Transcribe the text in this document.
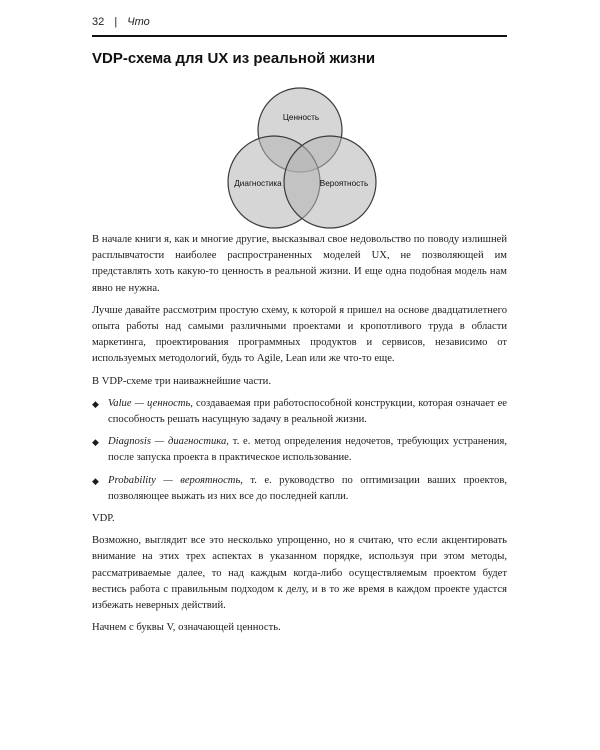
32 | Что
VDP-схема для UX из реальной жизни
Ценность
Диагностика	Вероятность

В начале книги я, как и многие другие, высказывал свое недовольство по поводу излишней расплывчатости наиболее распространенных моделей UX, не позволяющей им представлять хоть какую-то ценность в реальной жизни. И еще одна подобная модель нам явно не нужна.

Лучше давайте рассмотрим простую схему, к которой я пришел на основе двадцатилетнего опыта работы над самыми различными проектами и кропотливого труда в области маркетинга, проектирования программных продуктов и сервисов, независимо от используемых методологий, будь то Agile, Lean или же что-то еще.

В VDP-схеме три наиважнейшие части.

◆ Value — ценность, создаваемая при работоспособной конструкции, которая означает ее способность решать насущную задачу в реальной жизни.
◆ Diagnosis — диагностика, т. е. метод определения недочетов, требующих устранения, после запуска проекта в практическое использование.
◆ Probability — вероятность, т. е. руководство по оптимизации ваших проектов, позволяющее выжать из них все до последней капли.

VDP.

Возможно, выглядит все это несколько упрощенно, но я считаю, что если акцентировать внимание на этих трех аспектах в указанном порядке, используя при этом методы, рассматриваемые далее, то над каждым когда-либо осуществляемым проектом будет вестись работа с правильным подходом к делу, и в то же время в каждом проекте удастся избежать неверных действий.

Начнем с буквы V, означающей ценность.
